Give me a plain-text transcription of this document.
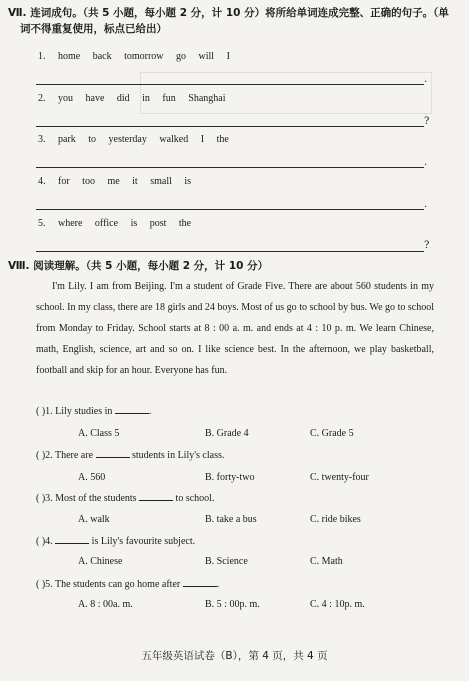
Ⅶ. 连词成句。（共 5 小题，每小题 2 分，计 10 分）将所给单词连成完整、正确的句子。（单
词不得重复使用，标点已给出）
1. home back tomorrow go will I
.
2. you have did in fun Shanghai
?
3. park to yesterday walked I the
.
4. for too me it small is
.
5. where office is post the
?
Ⅷ. 阅读理解。（共 5 小题，每小题 2 分，计 10 分）
I'm Lily. I am from Beijing. I'm a student of Grade Five. There are about 560 students in my school. In my class, there are 18 girls and 24 boys. Most of us go to school by bus. We go to school from Monday to Friday. School starts at 8 : 00 a. m. and ends at 4 : 10 p. m. We learn Chinese, math, English, science, art and so on. I like science best. In the afternoon, we play basketball, football and skip for an hour. Everyone has fun.
( )1. Lily studies in	.
A. Class 5	B. Grade 4	C. Grade 5
( )2. There are	students in Lily's class.
A. 560	B. forty-two	C. twenty-four
( )3. Most of the students	to school.
A. walk	B. take a bus	C. ride bikes
( )4.	is Lily's favourite subject.
A. Chinese	B. Science	C. Math
( )5. The students can go home after	.
A. 8 : 00a. m.	B. 5 : 00p. m.	C. 4 : 10p. m.
五年级英语试卷（B），第 4 页，共 4 页
